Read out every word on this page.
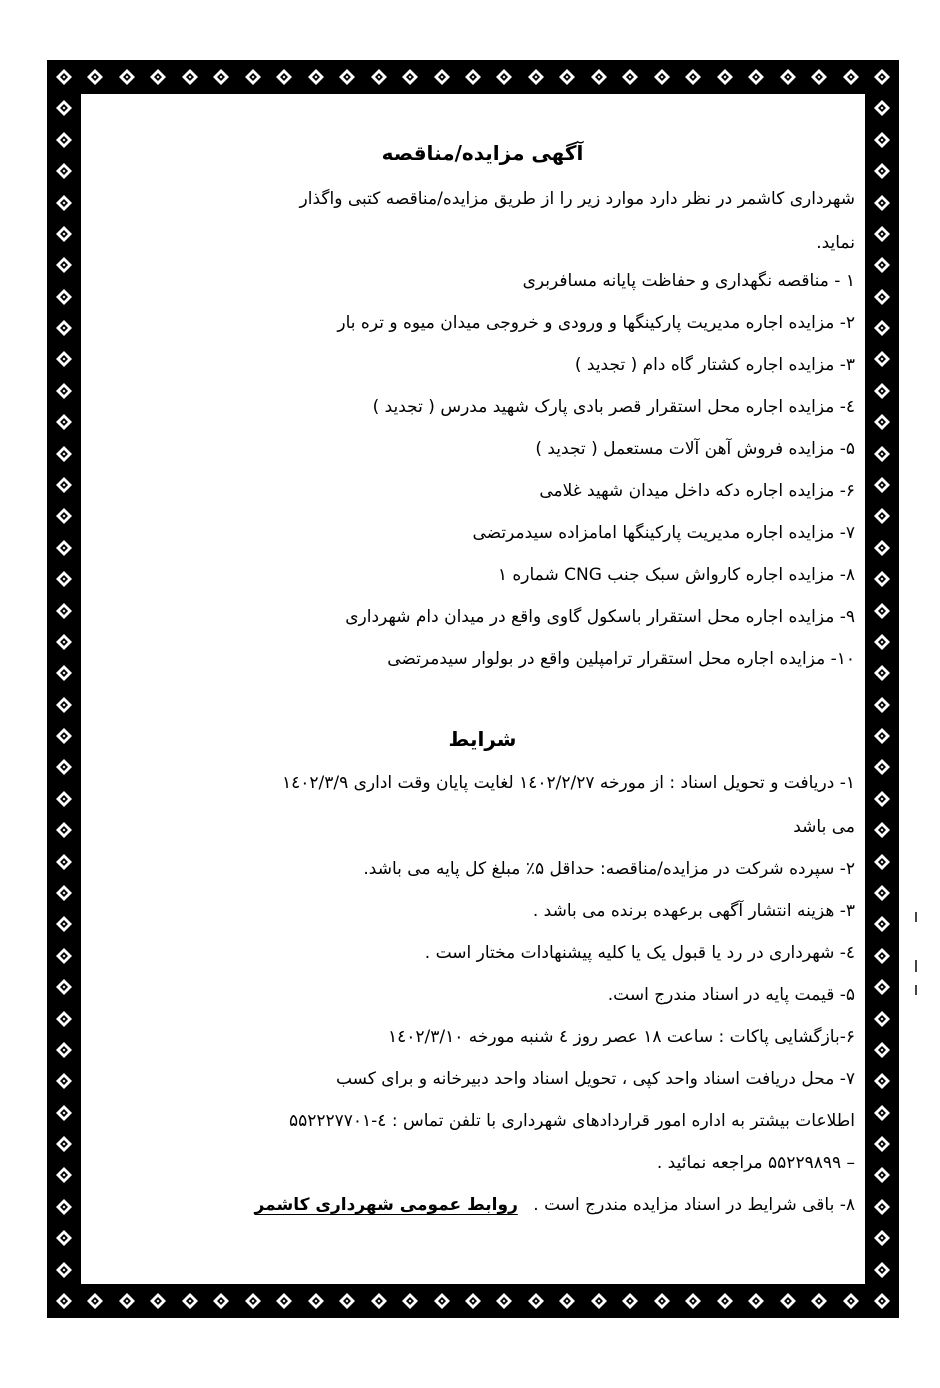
آگهی مزایده/مناقصه
شهرداری کاشمر در نظر دارد موارد زیر را از طریق مزایده/مناقصه کتبی واگذار
نماید.
۱ - مناقصه نگهداری و حفاظت پایانه مسافربری
۲- مزایده اجاره مدیریت پارکینگها و ورودی و خروجی میدان میوه و تره بار
۳- مزایده اجاره کشتار گاه دام ( تجدید )
٤- مزایده اجاره محل استقرار قصر بادی پارک شهید مدرس ( تجدید )
۵- مزایده فروش آهن آلات مستعمل ( تجدید )
۶- مزایده اجاره دکه داخل میدان شهید غلامی
۷- مزایده اجاره مدیریت پارکینگها امامزاده سیدمرتضی
۸- مزایده اجاره کارواش سبک جنب CNG شماره ۱
۹- مزایده اجاره محل استقرار باسکول گاوی واقع در میدان دام شهرداری
۱۰- مزایده اجاره محل استقرار ترامپلین واقع در بولوار سیدمرتضی
شرایط
۱- دریافت و تحویل اسناد : از مورخه ۱٤۰۲/۲/۲۷ لغایت پایان وقت اداری ۱٤۰۲/۳/۹
می باشد
۲- سپرده شرکت در مزایده/مناقصه: حداقل ۵٪ مبلغ کل پایه می باشد.
۳- هزینه انتشار آگهی برعهده برنده می باشد .
٤- شهرداری در رد یا قبول یک یا کلیه پیشنهادات مختار است .
۵- قیمت پایه در اسناد مندرج است.
۶-بازگشایی پاکات : ساعت ۱۸ عصر روز ٤ شنبه مورخه ۱٤۰۲/۳/۱۰
۷- محل دریافت اسناد واحد کپی ، تحویل اسناد واحد دبیرخانه و برای کسب
اطلاعات بیشتر به اداره امور قراردادهای شهرداری با تلفن تماس : ٤-۵۵۲۲۲۷۷۰۱
– ۵۵۲۲۹۸۹۹ مراجعه نمائید .
۸- باقی شرایط در اسناد مزایده مندرج است . روابط عمومی شهرداری کاشمر
